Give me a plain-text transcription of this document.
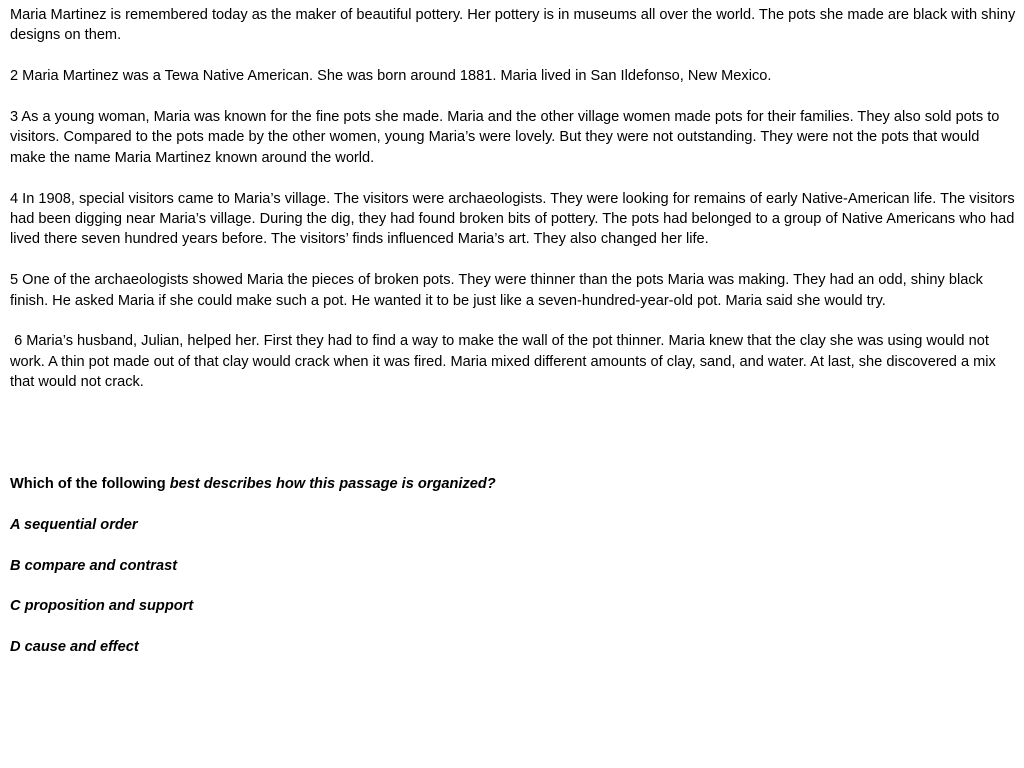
Maria Martinez is remembered today as the maker of beautiful pottery. Her pottery is in museums all over the world. The pots she made are black with shiny designs on them.

2 Maria Martinez was a Tewa Native American. She was born around 1881. Maria lived in San Ildefonso, New Mexico.

3 As a young woman, Maria was known for the fine pots she made. Maria and the other village women made pots for their families. They also sold pots to visitors. Compared to the pots made by the other women, young Maria’s were lovely. But they were not outstanding. They were not the pots that would make the name Maria Martinez known around the world.

4 In 1908, special visitors came to Maria’s village. The visitors were archaeologists. They were looking for remains of early Native-American life. The visitors had been digging near Maria’s village. During the dig, they had found broken bits of pottery. The pots had belonged to a group of Native Americans who had lived there seven hundred years before. The visitors’ finds influenced Maria’s art. They also changed her life.

5 One of the archaeologists showed Maria the pieces of broken pots. They were thinner than the pots Maria was making. They had an odd, shiny black finish. He asked Maria if she could make such a pot. He wanted it to be just like a seven-hundred-year-old pot. Maria said she would try.

6 Maria’s husband, Julian, helped her. First they had to find a way to make the wall of the pot thinner. Maria knew that the clay she was using would not work. A thin pot made out of that clay would crack when it was fired. Maria mixed different amounts of clay, sand, and water. At last, she discovered a mix that would not crack.

Which of the following best describes how this passage is organized?

A sequential order

B compare and contrast

C proposition and support

D cause and effect
